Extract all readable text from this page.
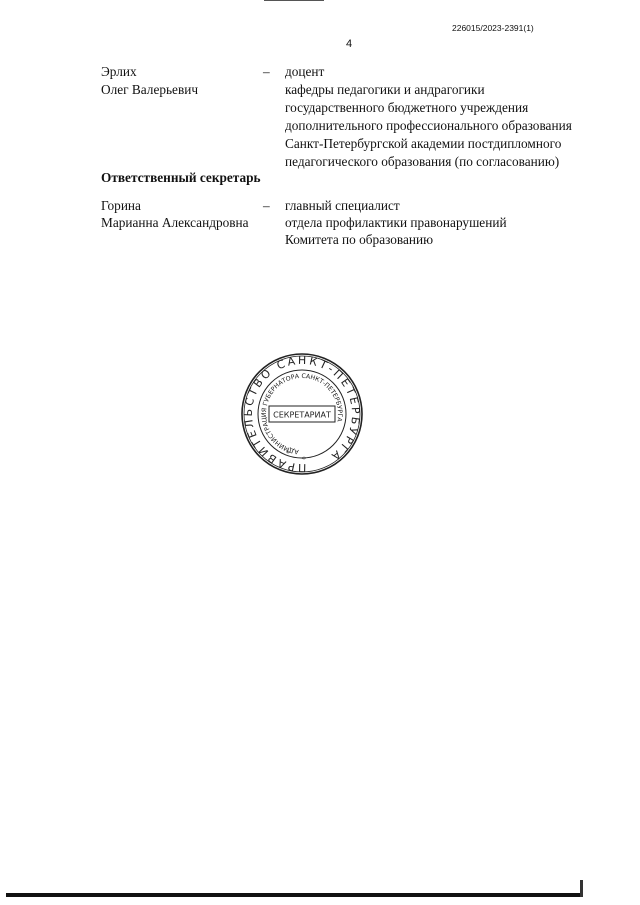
226015/2023-2391(1)
4
Эрлих
Олег Валерьевич
– доцент
кафедры педагогики и андрагогики
государственного бюджетного учреждения
дополнительного профессионального образования
Санкт-Петербургской академии постдипломного
педагогического образования (по согласованию)
Ответственный секретарь
Горина
Марианна Александровна
– главный специалист
отдела профилактики правонарушений
Комитета по образованию
